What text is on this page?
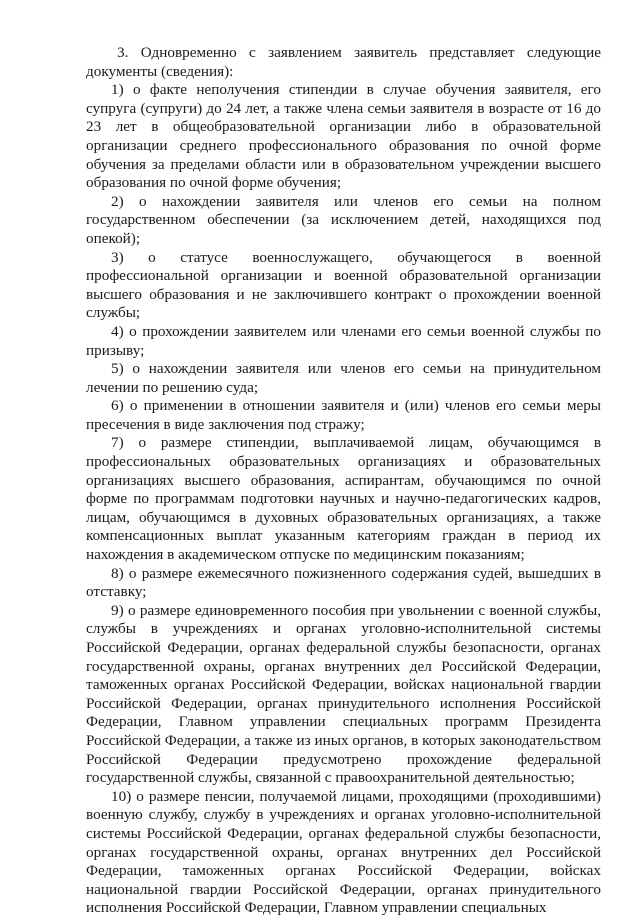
3. Одновременно с заявлением заявитель представляет следующие документы (сведения):

1) о факте неполучения стипендии в случае обучения заявителя, его супруга (супруги) до 24 лет, а также члена семьи заявителя в возрасте от 16 до 23 лет в общеобразовательной организации либо в образовательной организации среднего профессионального образования по очной форме обучения за пределами области или в образовательном учреждении высшего образования по очной форме обучения;

2) о нахождении заявителя или членов его семьи на полном государственном обеспечении (за исключением детей, находящихся под опекой);

3) о статусе военнослужащего, обучающегося в военной профессиональной организации и военной образовательной организации высшего образования и не заключившего контракт о прохождении военной службы;

4) о прохождении заявителем или членами его семьи военной службы по призыву;

5) о нахождении заявителя или членов его семьи на принудительном лечении по решению суда;

6) о применении в отношении заявителя и (или) членов его семьи меры пресечения в виде заключения под стражу;

7) о размере стипендии, выплачиваемой лицам, обучающимся в профессиональных образовательных организациях и образовательных организациях высшего образования, аспирантам, обучающимся по очной форме по программам подготовки научных и научно-педагогических кадров, лицам, обучающимся в духовных образовательных организациях, а также компенсационных выплат указанным категориям граждан в период их нахождения в академическом отпуске по медицинским показаниям;

8) о размере ежемесячного пожизненного содержания судей, вышедших в отставку;

9) о размере единовременного пособия при увольнении с военной службы, службы в учреждениях и органах уголовно-исполнительной системы Российской Федерации, органах федеральной службы безопасности, органах государственной охраны, органах внутренних дел Российской Федерации, таможенных органах Российской Федерации, войсках национальной гвардии Российской Федерации, органах принудительного исполнения Российской Федерации, Главном управлении специальных программ Президента Российской Федерации, а также из иных органов, в которых законодательством Российской Федерации предусмотрено прохождение федеральной государственной службы, связанной с правоохранительной деятельностью;

10) о размере пенсии, получаемой лицами, проходящими (проходившими) военную службу, службу в учреждениях и органах уголовно-исполнительной системы Российской Федерации, органах федеральной службы безопасности, органах государственной охраны, органах внутренних дел Российской Федерации, таможенных органах Российской Федерации, войсках национальной гвардии Российской Федерации, органах принудительного исполнения Российской Федерации, Главном управлении специальных
